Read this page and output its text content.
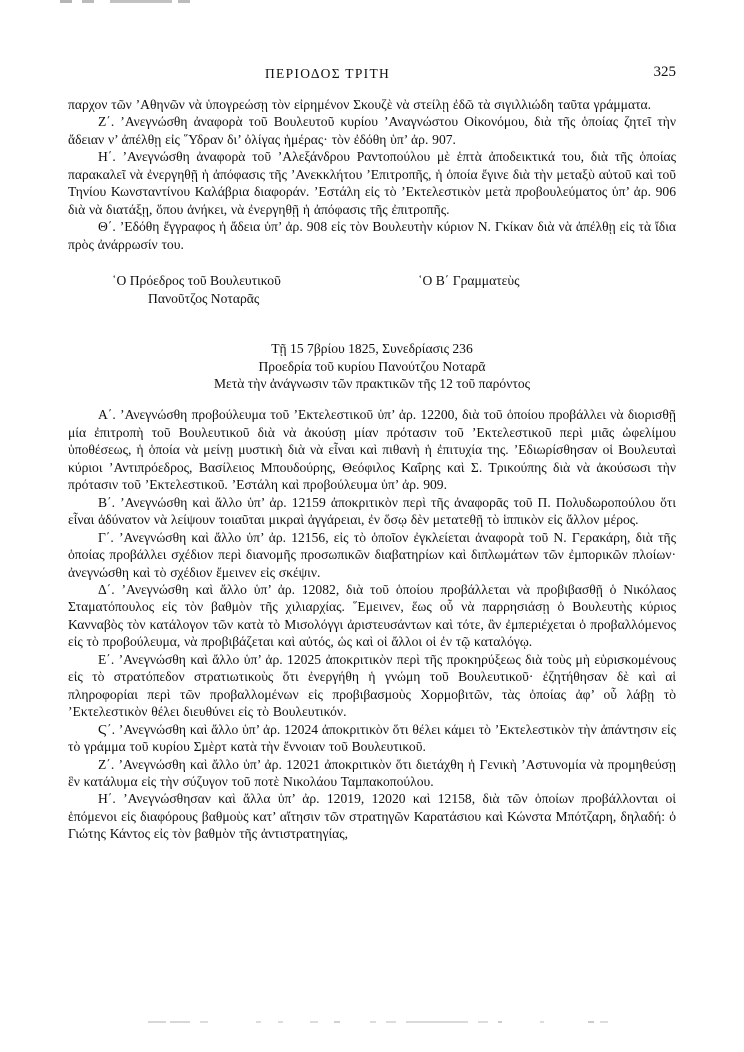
ΠΕΡΙΟΔΟΣ ΤΡΙΤΗ	325

παρχον τῶν ’Αθηνῶν νὰ ὑπογρεώσῃ τὸν εἰρημένον Σκουζὲ νὰ στείλῃ ἐδῶ τὰ σιγιλλιώδη ταῦτα γράμματα.

Ζ΄. ’Ανεγνώσθη ἀναφορὰ τοῦ Βουλευτοῦ κυρίου ’Αναγνώστου Οἰκονόμου, διὰ τῆς ὁποίας ζητεῖ τὴν ἄδειαν ν’ ἀπέλθῃ εἰς ῞Υδραν δι’ ὀλίγας ἡμέρας· τὸν ἐδόθη ὑπ’ ἀρ. 907.

Η΄. ’Ανεγνώσθη ἀναφορὰ τοῦ ’Αλεξάνδρου Ραντοπούλου μὲ ἑπτὰ ἀποδεικτικά του, διὰ τῆς ὁποίας παρακαλεῖ νὰ ἐνεργηθῇ ἡ ἀπόφασις τῆς ’Ανεκκλήτου ’Επιτροπῆς, ἡ ὁποία ἔγινε διὰ τὴν μεταξὺ αὐτοῦ καὶ τοῦ Τηνίου Κωνσταντίνου Καλάβρια διαφοράν. ’Εστάλη εἰς τὸ ’Εκτελεστικὸν μετὰ προβουλεύματος ὑπ’ ἀρ. 906 διὰ νὰ διατάξῃ, ὅπου ἀνήκει, νὰ ἐνεργηθῇ ἡ ἀπόφασις τῆς ἐπιτροπῆς.

Θ΄. ’Εδόθη ἔγγραφος ἡ ἄδεια ὑπ’ ἀρ. 908 εἰς τὸν Βουλευτὴν κύριον Ν. Γκίκαν διὰ νὰ ἀπέλθῃ εἰς τὰ ἴδια πρὸς ἀνάρρωσίν του.

῾Ο Πρόεδρος τοῦ Βουλευτικοῦ
Πανοῦτζος Νοταρᾶς
῾Ο Β΄ Γραμματεὺς
Τῇ 15 7βρίου 1825, Συνεδρίασις 236
Προεδρία τοῦ κυρίου Πανούτζου Νοταρᾶ
Μετὰ τὴν ἀνάγνωσιν τῶν πρακτικῶν τῆς 12 τοῦ παρόντος

Α΄. ’Ανεγνώσθη προβούλευμα τοῦ ’Εκτελεστικοῦ ὑπ’ ἀρ. 12200, διὰ τοῦ ὁποίου προβάλλει νὰ διορισθῇ μία ἐπιτροπὴ τοῦ Βουλευτικοῦ διὰ νὰ ἀκούσῃ μίαν πρότασιν τοῦ ’Εκτελεστικοῦ περὶ μιᾶς ὠφελίμου ὑποθέσεως, ἡ ὁποία νὰ μείνῃ μυστικὴ διὰ νὰ εἶναι καὶ πιθανὴ ἡ ἐπιτυχία της. ’Εδιωρίσθησαν οἱ Βουλευταὶ κύριοι ’Αντιπρόεδρος, Βασίλειος Μπουδούρης, Θεόφιλος Καΐρης καὶ Σ. Τρικούπης διὰ νὰ ἀκούσωσι τὴν πρότασιν τοῦ ’Εκτελεστικοῦ. ’Εστάλη καὶ προβούλευμα ὑπ’ ἀρ. 909.

Β΄. ’Ανεγνώσθη καὶ ἄλλο ὑπ’ ἀρ. 12159 ἀποκριτικὸν περὶ τῆς ἀναφορᾶς τοῦ Π. Πολυδωροπούλου ὅτι εἶναι ἀδύνατον νὰ λείψουν τοιαῦται μικραὶ ἀγγάρειαι, ἐν ὅσῳ δὲν μετατεθῇ τὸ ἱππικὸν εἰς ἄλλον μέρος.

Γ΄. ’Ανεγνώσθη καὶ ἄλλο ὑπ’ ἀρ. 12156, εἰς τὸ ὁποῖον ἐγκλείεται ἀναφορὰ τοῦ Ν. Γερακάρη, διὰ τῆς ὁποίας προβάλλει σχέδιον περὶ διανομῆς προσωπικῶν διαβατηρίων καὶ διπλωμάτων τῶν ἐμπορικῶν πλοίων· ἀνεγνώσθη καὶ τὸ σχέδιον ἔμεινεν εἰς σκέψιν.

Δ΄. ’Ανεγνώσθη καὶ ἄλλο ὑπ’ ἀρ. 12082, διὰ τοῦ ὁποίου προβάλλεται νὰ προβιβασθῇ ὁ Νικόλαος Σταματόπουλος εἰς τὸν βαθμὸν τῆς χιλιαρχίας. ῞Εμεινεν, ἕως οὗ νὰ παρρησιάσῃ ὁ Βουλευτὴς κύριος Κανναβὸς τὸν κατάλογον τῶν κατὰ τὸ Μισολόγγι ἀριστευσάντων καὶ τότε, ἂν ἐμπεριέχεται ὁ προβαλλόμενος εἰς τὸ προβούλευμα, νὰ προβιβάζεται καὶ αὐτός, ὡς καὶ οἱ ἄλλοι οἱ ἐν τῷ καταλόγῳ.

Ε΄. ’Ανεγνώσθη καὶ ἄλλο ὑπ’ ἀρ. 12025 ἀποκριτικὸν περὶ τῆς προκηρύξεως διὰ τοὺς μὴ εὑρισκομένους εἰς τὸ στρατόπεδον στρατιωτικοὺς ὅτι ἐνεργήθη ἡ γνώμη τοῦ Βουλευτικοῦ· ἐζητήθησαν δὲ καὶ αἱ πληροφορίαι περὶ τῶν προβαλλομένων εἰς προβιβασμοὺς Χορμοβιτῶν, τὰς ὁποίας ἀφ’ οὗ λάβῃ τὸ ’Εκτελεστικὸν θέλει διευθύνει εἰς τὸ Βουλευτικόν.

Ϛ΄. ’Ανεγνώσθη καὶ ἄλλο ὑπ’ ἀρ. 12024 ἀποκριτικὸν ὅτι θέλει κάμει τὸ ’Εκτελεστικὸν τὴν ἀπάντησιν εἰς τὸ γράμμα τοῦ κυρίου Σμὲρτ κατὰ τὴν ἔννοιαν τοῦ Βουλευτικοῦ.

Ζ΄. ’Ανεγνώσθη καὶ ἄλλο ὑπ’ ἀρ. 12021 ἀποκριτικὸν ὅτι διετάχθη ἡ Γενικὴ ’Αστυνομία νὰ προμηθεύσῃ ἓν κατάλυμα εἰς τὴν σύζυγον τοῦ ποτὲ Νικολάου Ταμπακοπούλου.

Η΄. ’Ανεγνώσθησαν καὶ ἄλλα ὑπ’ ἀρ. 12019, 12020 καὶ 12158, διὰ τῶν ὁποίων προβάλλονται οἱ ἑπόμενοι εἰς διαφόρους βαθμοὺς κατ’ αἴτησιν τῶν στρατηγῶν Καρατάσιου καὶ Κώνστα Μπότζαρη, δηλαδή: ὁ Γιώτης Κάντος εἰς τὸν βαθμὸν τῆς ἀντιστρατηγίας,
